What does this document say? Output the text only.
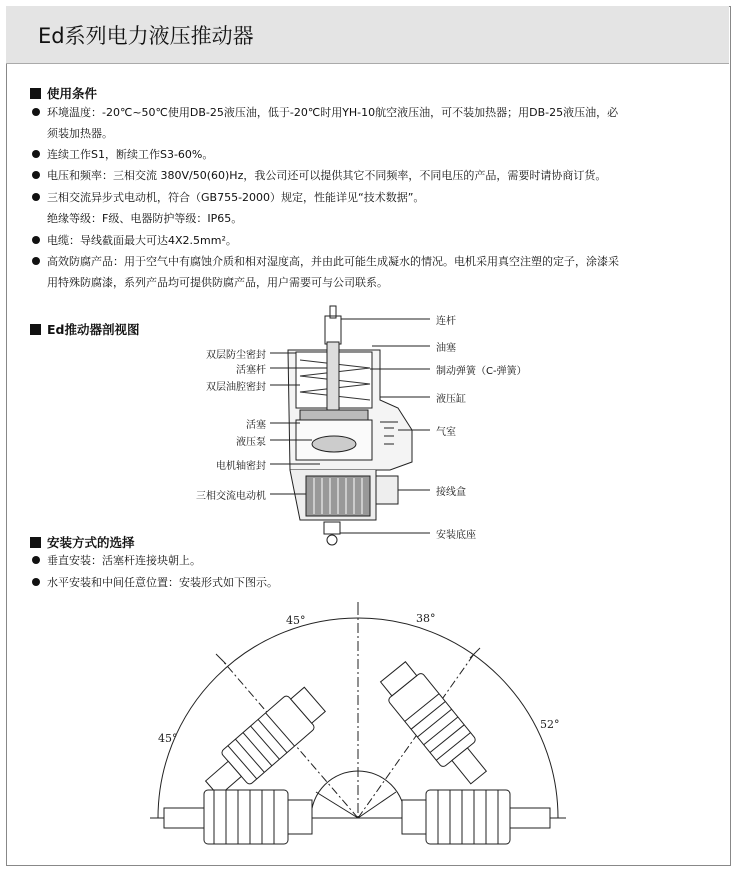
Ed系列电力液压推动器
使用条件
环境温度：-20℃~50℃使用DB-25液压油，低于-20℃时用YH-10航空液压油，可不装加热器；用DB-25液压油，必
须装加热器。
连续工作S1，断续工作S3-60%。
电压和频率：三相交流 380V/50(60)Hz，我公司还可以提供其它不同频率，不同电压的产品，需要时请协商订货。
三相交流异步式电动机，符合（GB755-2000）规定，性能详见“技术数据”。
绝缘等级：F级、电器防护等级：IP65。
电缆：导线截面最大可达4X2.5mm²。
高效防腐产品：用于空气中有腐蚀介质和相对湿度高，并由此可能生成凝水的情况。电机采用真空注塑的定子，涂漆采
用特殊防腐漆，系列产品均可提供防腐产品，用户需要可与公司联系。
Ed推动器剖视图
双层防尘密封
活塞杆
双层油腔密封
活塞
液压泵
电机轴密封
三相交流电动机
连杆
油塞
制动弹簧（C-弹簧）
液压缸
气室
接线盒
安装底座
安装方式的选择
垂直安装：活塞杆连接块朝上。
水平安装和中间任意位置：安装形式如下图示。
45°	38°
45°
52°
